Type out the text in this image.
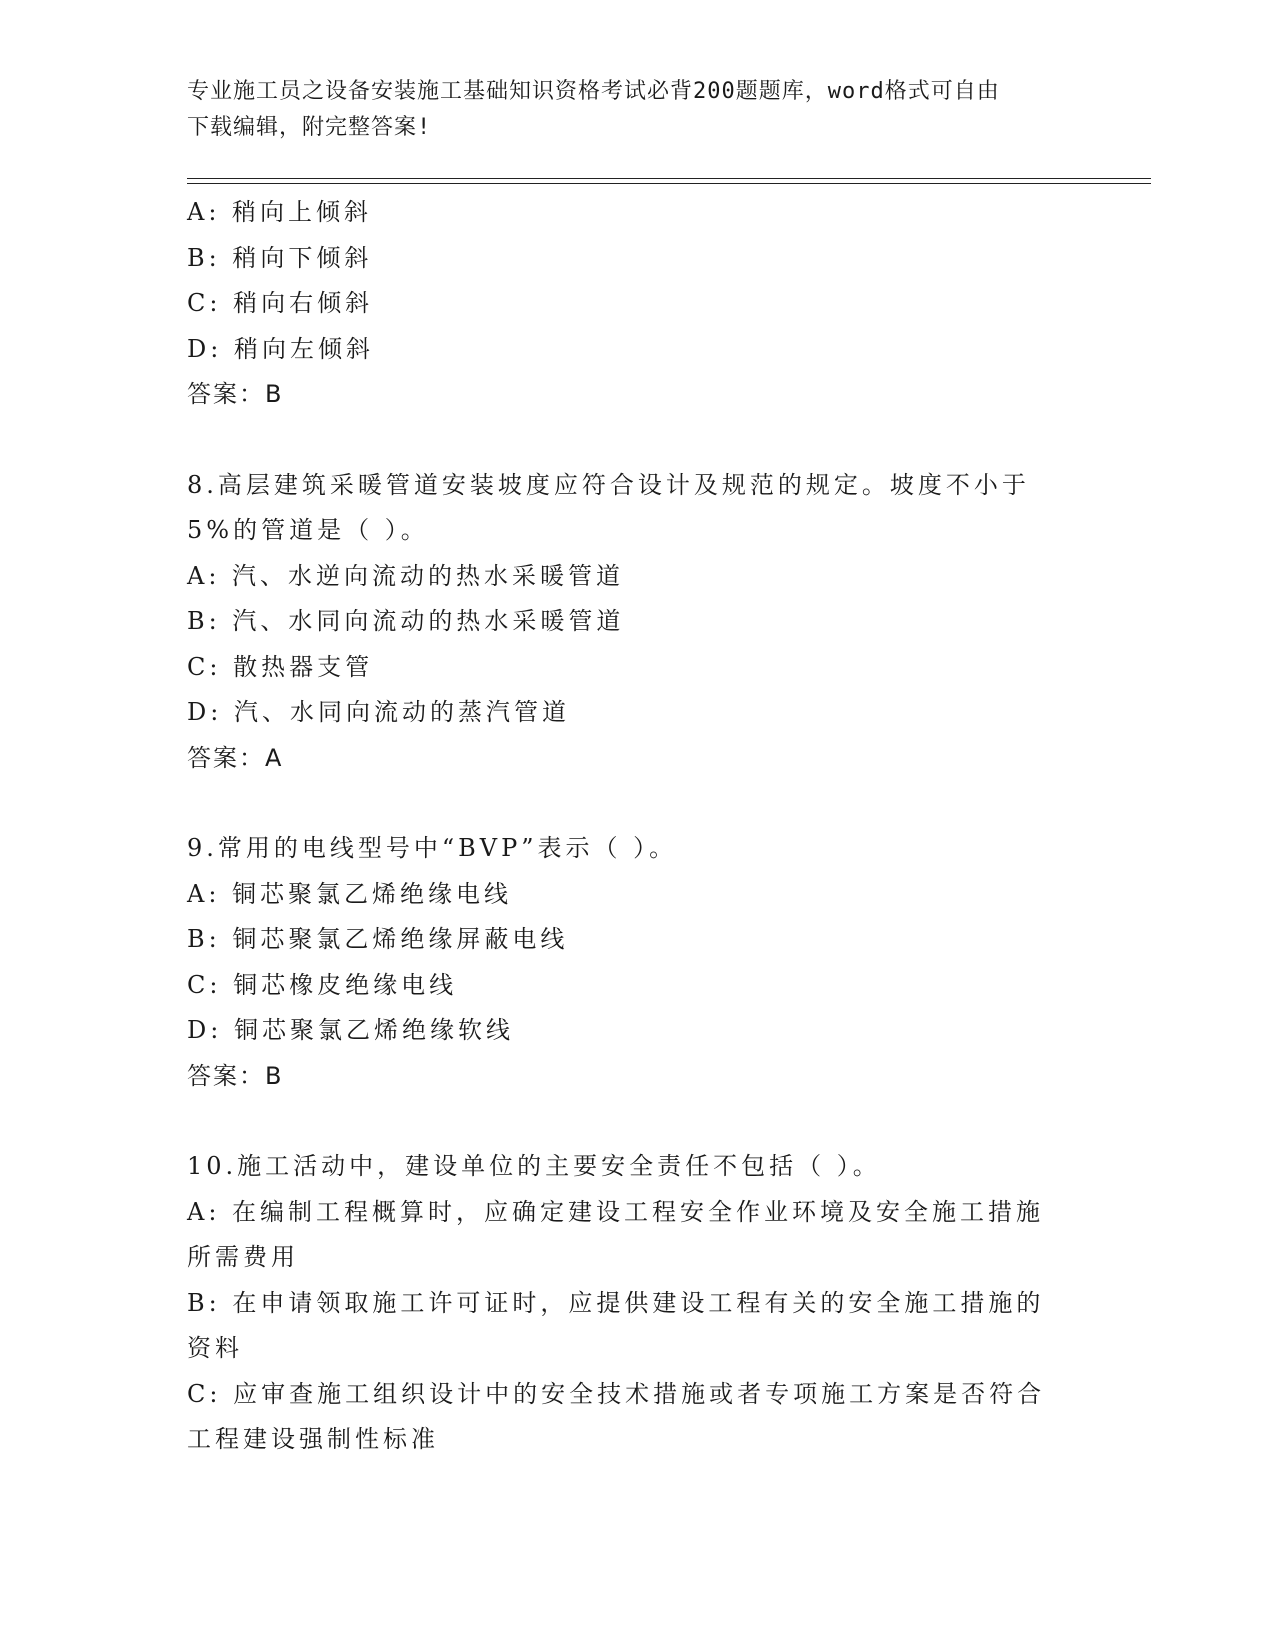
专业施工员之设备安装施工基础知识资格考试必背200题题库，word格式可自由
下载编辑，附完整答案!
A: 稍向上倾斜
B: 稍向下倾斜
C: 稍向右倾斜
D: 稍向左倾斜
答案：B
8.高层建筑采暖管道安装坡度应符合设计及规范的规定。坡度不小于
5%的管道是（ ）。
A: 汽、水逆向流动的热水采暖管道
B: 汽、水同向流动的热水采暖管道
C: 散热器支管
D: 汽、水同向流动的蒸汽管道
答案：A
9.常用的电线型号中“BVP”表示（ ）。
A: 铜芯聚氯乙烯绝缘电线
B: 铜芯聚氯乙烯绝缘屏蔽电线
C: 铜芯橡皮绝缘电线
D: 铜芯聚氯乙烯绝缘软线
答案：B
10.施工活动中，建设单位的主要安全责任不包括（ ）。
A: 在编制工程概算时，应确定建设工程安全作业环境及安全施工措施
所需费用
B: 在申请领取施工许可证时，应提供建设工程有关的安全施工措施的
资料
C: 应审查施工组织设计中的安全技术措施或者专项施工方案是否符合
工程建设强制性标准
